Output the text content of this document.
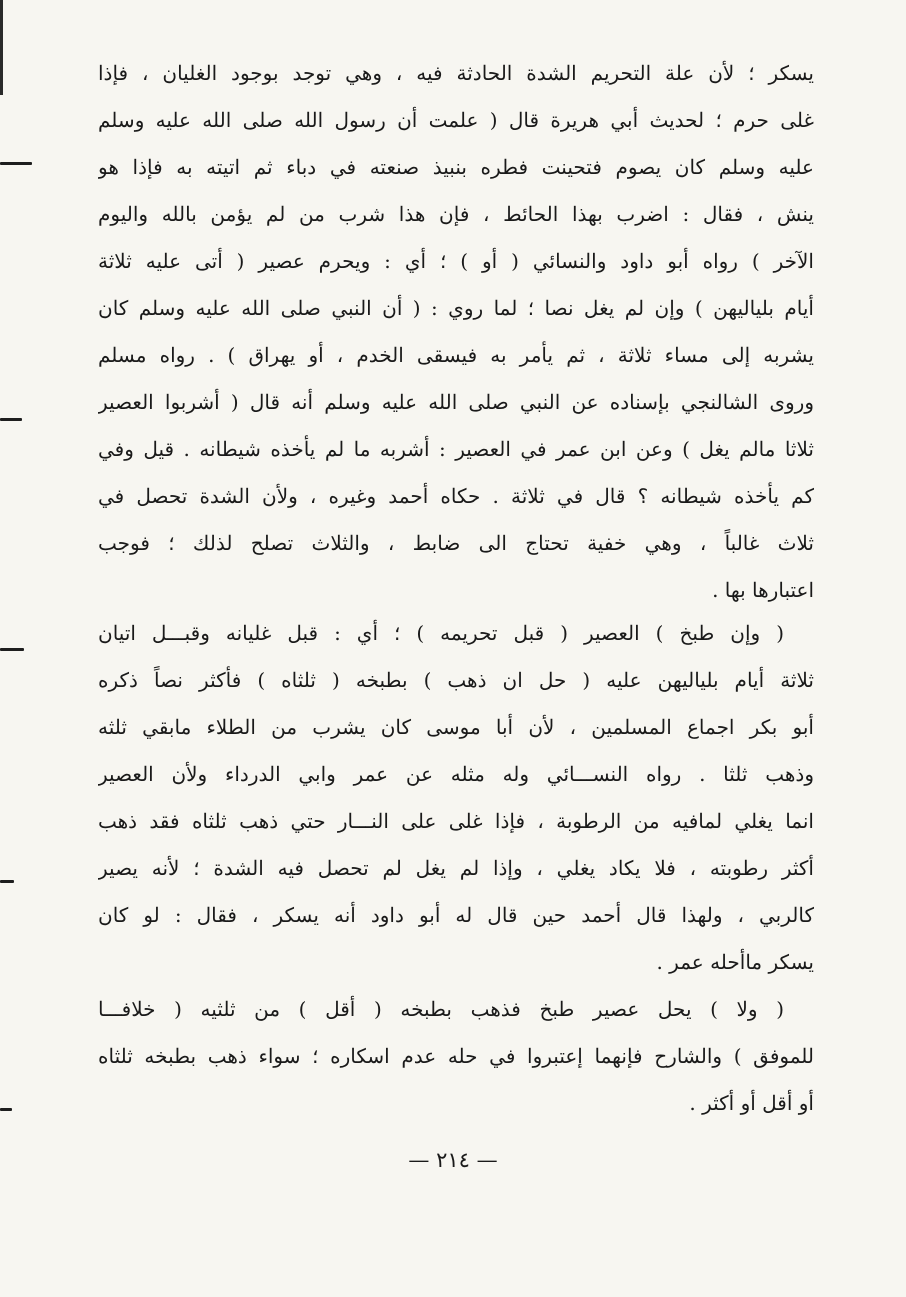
يسكر ؛ لأن علة التحريم الشدة الحادثة فيه ، وهي توجد بوجود الغليان ، فإذا
غلى حرم ؛ لحديث أبي هريرة قال ( علمت أن رسول الله صلى الله عليه وسلم
عليه وسلم كان يصوم فتحينت فطره بنبيذ صنعته في دباء ثم اتيته به فإذا هو
ينش ، فقال : اضرب بهذا الحائط ، فإن هذا شرب من لم يؤمن بالله واليوم
الآخر ) رواه أبو داود والنسائي ( أو ) ؛ أي : ويحرم عصير ( أتى عليه ثلاثة
أيام بلياليهن ) وإن لم يغل نصا ؛ لما روي : ( أن النبي صلى الله عليه وسلم كان
يشربه إلى مساء ثلاثة ، ثم يأمر به فيسقى الخدم ، أو يهراق ) . رواه مسلم
وروى الشالنجي بإسناده عن النبي صلى الله عليه وسلم أنه قال ( أشربوا العصير
ثلاثا مالم يغل ) وعن ابن عمر في العصير : أشربه ما لم يأخذه شيطانه . قيل وفي
كم يأخذه شيطانه ؟ قال في ثلاثة . حكاه أحمد وغيره ، ولأن الشدة تحصل في
ثلاث غالباً ، وهي خفية تحتاج الى ضابط ، والثلاث تصلح لذلك ؛ فوجب
اعتبارها بها .
( وإن طبخ ) العصير ( قبل تحريمه ) ؛ أي : قبل غليانه وقبـــل اتيان
ثلاثة أيام بلياليهن عليه ( حل ان ذهب ) بطبخه ( ثلثاه ) فأكثر نصاً ذكره
أبو بكر اجماع المسلمين ، لأن أبا موسى كان يشرب من الطلاء مابقي ثلثه
وذهب ثلثا . رواه النســـائي وله مثله عن عمر وابي الدرداء ولأن العصير
انما يغلي لمافيه من الرطوبة ، فإذا غلى على النـــار حتي ذهب ثلثاه فقد ذهب
أكثر رطوبته ، فلا يكاد يغلي ، وإذا لم يغل لم تحصل فيه الشدة ؛ لأنه يصير
كالربي ، ولهذا قال أحمد حين قال له أبو داود أنه يسكر ، فقال : لو كان
يسكر ماأحله عمر .
( ولا ) يحل عصير طبخ فذهب بطبخه ( أقل ) من ثلثيه ( خلافـــا
للموفق ) والشارح فإنهما إعتبروا في حله عدم اسكاره ؛ سواء ذهب بطبخه ثلثاه
أو أقل أو أكثر .
— ٢١٤ —
